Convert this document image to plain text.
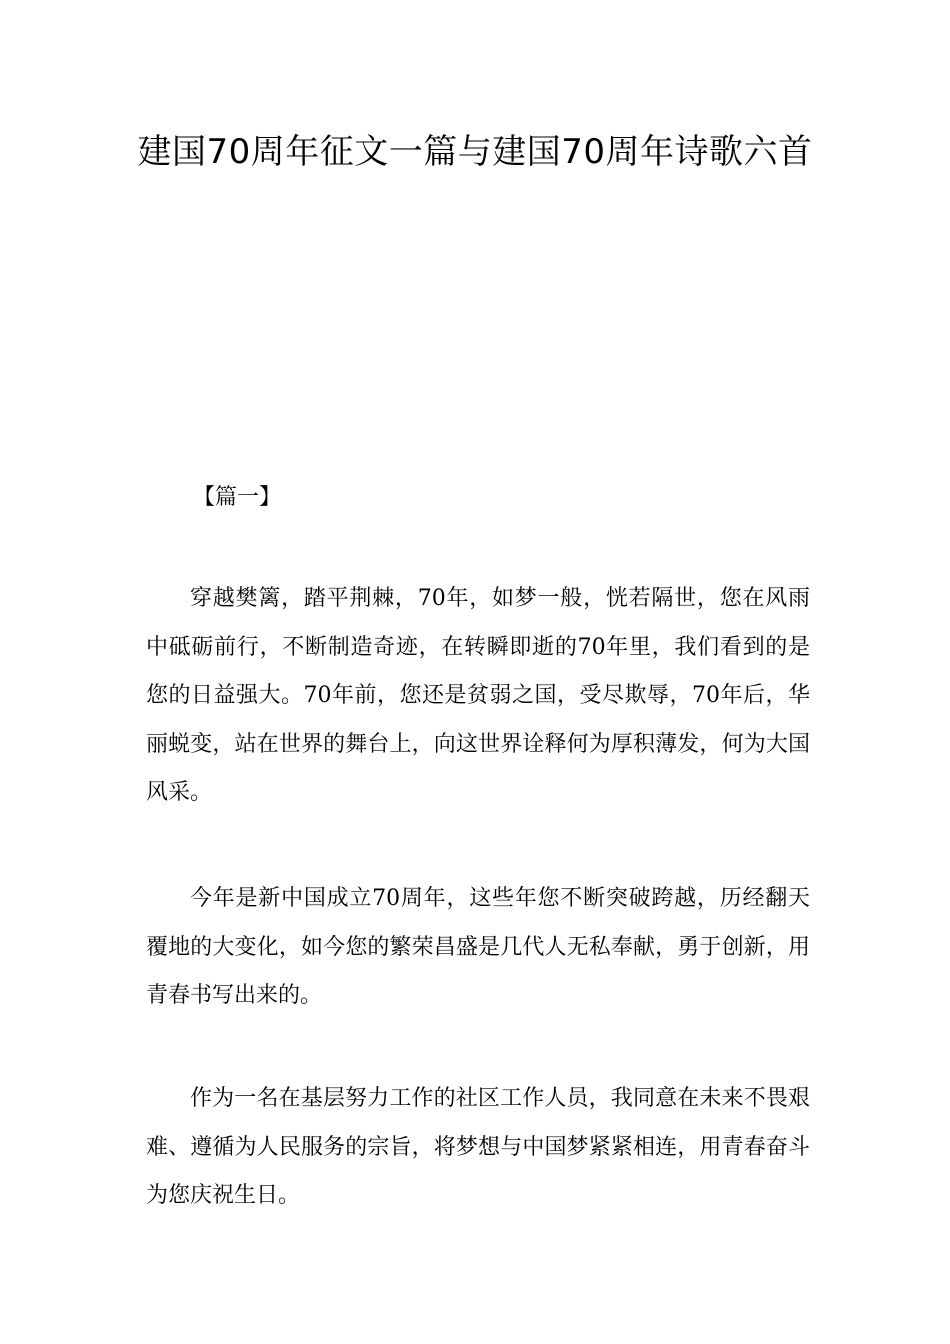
建国70周年征文一篇与建国70周年诗歌六首

【篇一】

穿越樊篱，踏平荆棘，70年，如梦一般，恍若隔世，您在风雨中砥砺前行，不断制造奇迹，在转瞬即逝的70年里，我们看到的是您的日益强大。70年前，您还是贫弱之国，受尽欺辱，70年后，华丽蜕变，站在世界的舞台上，向这世界诠释何为厚积薄发，何为大国风采。

今年是新中国成立70周年，这些年您不断突破跨越，历经翻天覆地的大变化，如今您的繁荣昌盛是几代人无私奉献，勇于创新，用青春书写出来的。

作为一名在基层努力工作的社区工作人员，我同意在未来不畏艰难、遵循为人民服务的宗旨，将梦想与中国梦紧紧相连，用青春奋斗为您庆祝生日。
